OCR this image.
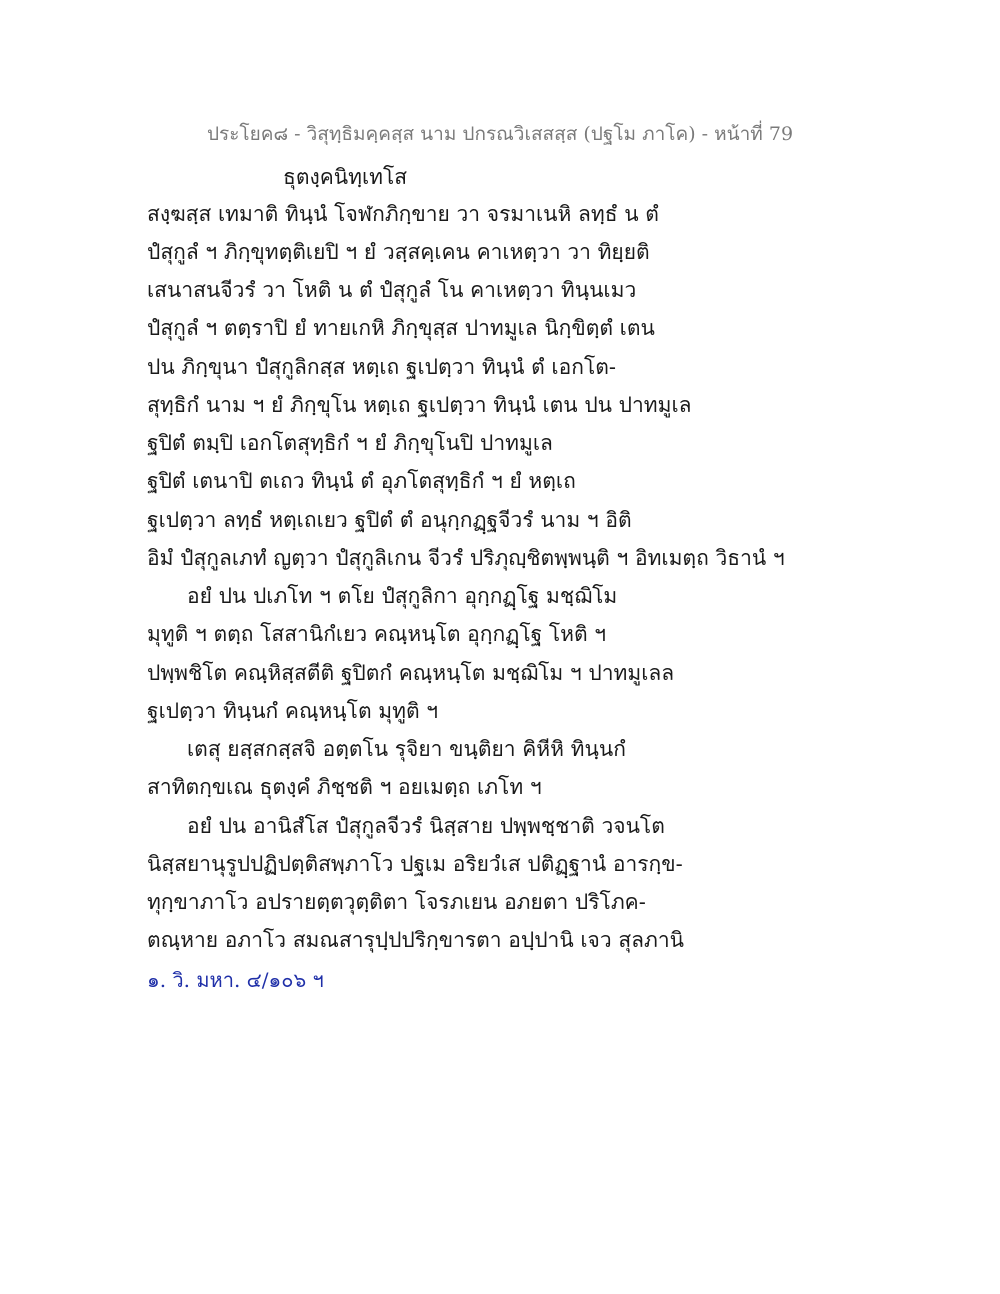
ประโยค๘ - วิสุทฺธิมคฺคสฺส นาม ปกรณวิเสสสฺส (ปฐโม ภาโค) - หน้าที่ 79
ธุตงฺคนิทฺเทโส
สงฺฆสฺส เทมาติ ทินฺนํ โจฬกภิกฺขาย วา จรมาเนหิ ลทฺธํ น ตํ
ปํสุกูลํ ฯ ภิกฺขุทตฺติเยปิ ฯ ยํ วสฺสคฺเคน คาเหตฺวา วา ทิยฺยติ
เสนาสนจีวรํ วา โหติ น ตํ ปํสุกูลํ โน คาเหตฺวา ทินฺนเมว
ปํสุกูลํ ฯ ตตฺราปิ ยํ ทายเกหิ ภิกฺขุสฺส ปาทมูเล นิกฺขิตฺตํ เตน
ปน ภิกฺขุนา ปํสุกูลิกสฺส หตฺเถ ฐเปตฺวา ทินฺนํ ตํ เอกโต-
สุทฺธิกํ นาม ฯ ยํ ภิกฺขุโน หตฺเถ ฐเปตฺวา ทินฺนํ เตน ปน ปาทมูเล
ฐปิตํ ตมฺปิ เอกโตสุทฺธิกํ ฯ ยํ ภิกฺขุโนปิ ปาทมูเล
ฐปิตํ เตนาปิ ตเถว ทินฺนํ ตํ อุภโตสุทฺธิกํ ฯ ยํ หตฺเถ
ฐเปตฺวา ลทฺธํ หตฺเถเยว ฐปิตํ ตํ อนุกฺกฏฺฐจีวรํ นาม ฯ อิติ
อิมํ ปํสุกูลเภทํ ญตฺวา ปํสุกูลิเกน จีวรํ ปริภุญฺชิตพฺพนฺติ ฯ อิทเมตฺถ วิธานํ ฯ
อยํ ปน ปเภโท ฯ ตโย ปํสุกูลิกา อุกฺกฏฺโฐ มชฺฌิโม
มุทูติ ฯ ตตฺถ โสสานิกํเยว คณฺหนฺโต อุกฺกฏฺโฐ โหติ ฯ
ปพฺพชิโต คณฺหิสฺสตีติ ฐปิตกํ คณฺหนฺโต มชฺฌิโม ฯ ปาทมูเลล
ฐเปตฺวา ทินฺนกํ คณฺหนฺโต มุทูติ ฯ
เตสุ ยสฺสกสฺสจิ อตฺตโน รุจิยา ขนฺติยา คิหีหิ ทินฺนกํ
สาทิตกฺขเณ ธุตงฺคํ ภิชฺชติ ฯ อยเมตฺถ เภโท ฯ
อยํ ปน อานิสํโส ปํสุกูลจีวรํ นิสฺสาย ปพฺพชฺชาติ วจนโต
นิสฺสยานุรูปปฏิปตฺติสพฺภาโว ปฐเม อริยวํเส ปติฏฺฐานํ อารกฺข-
ทุกฺขาภาโว อปรายตฺตวุตฺติตา โจรภเยน อภยตา ปริโภค-
ตณฺหาย อภาโว สมณสารุปฺปปริกฺขารตา อปฺปานิ เจว สุลภานิ
๑. วิ. มหา. ๔/๑๐๖ ฯ
